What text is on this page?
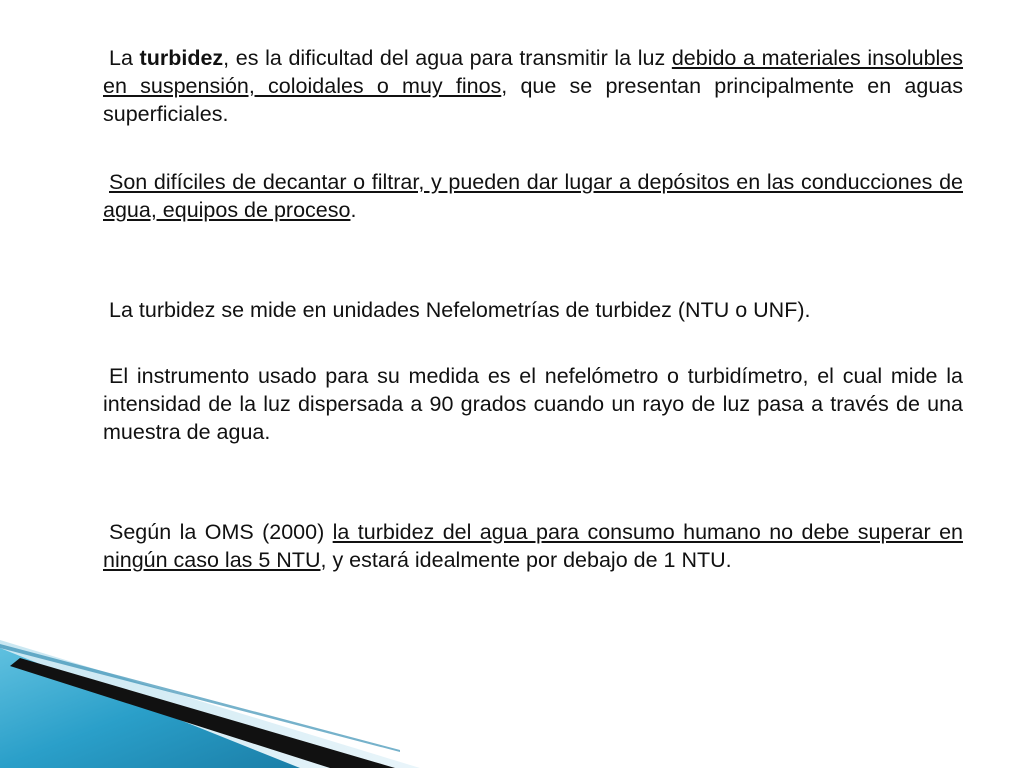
La turbidez, es la dificultad del agua para transmitir la luz debido a materiales insolubles en suspensión, coloidales o muy finos, que se presentan principalmente en aguas superficiales.

Son difíciles de decantar o filtrar, y pueden dar lugar a depósitos en las conducciones de agua, equipos de proceso.

La turbidez se mide en unidades Nefelometrías de turbidez (NTU o UNF).

El instrumento usado para su medida es el nefelómetro o turbidímetro, el cual mide la intensidad de la luz dispersada a 90 grados cuando un rayo de luz pasa a través de una muestra de agua.

Según la OMS (2000) la turbidez del agua para consumo humano no debe superar en ningún caso las 5 NTU, y estará idealmente por debajo de 1 NTU.
